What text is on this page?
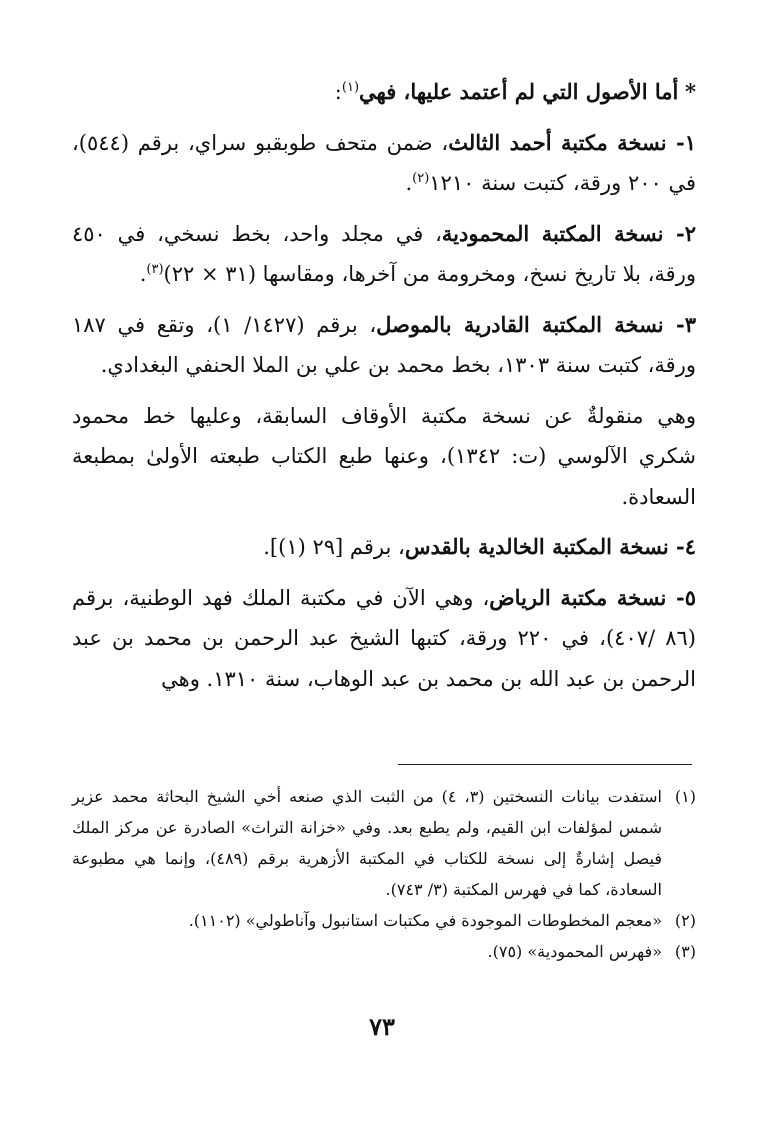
* أما الأصول التي لم أعتمد عليها، فهي$^{(١)}$:

١- نسخة مكتبة أحمد الثالث، ضمن متحف طوبقبو سراي، برقم (٥٤٤)، في ٢٠٠ ورقة، كتبت سنة ١٢١٠$^{(٢)}$.

٢- نسخة المكتبة المحمودية، في مجلد واحد، بخط نسخي، في ٤٥٠ ورقة، بلا تاريخ نسخ، ومخرومة من آخرها، ومقاسها (٣١ × ٢٢)$^{(٣)}$.

٣- نسخة المكتبة القادرية بالموصل، برقم (١٤٢٧/ ١)، وتقع في ١٨٧ ورقة، كتبت سنة ١٣٠٣، بخط محمد بن علي بن الملا الحنفي البغدادي.

وهي منقولةٌ عن نسخة مكتبة الأوقاف السابقة، وعليها خط محمود شكري الآلوسي (ت: ١٣٤٢)، وعنها طبع الكتاب طبعته الأولىٰ بمطبعة السعادة.

٤- نسخة المكتبة الخالدية بالقدس، برقم [٢٩ (١)].

٥- نسخة مكتبة الرياض، وهي الآن في مكتبة الملك فهد الوطنية، برقم (٨٦ /٤٠٧)، في ٢٢٠ ورقة، كتبها الشيخ عبد الرحمن بن محمد بن عبد الرحمن بن عبد الله بن محمد بن عبد الوهاب، سنة ١٣١٠. وهي

(١)
استفدت بيانات النسختين (٣، ٤) من الثبت الذي صنعه أخي الشيخ البحاثة محمد عزير شمس لمؤلفات ابن القيم، ولم يطبع بعد. وفي «خزانة التراث» الصادرة عن مركز الملك فيصل إشارةٌ إلى نسخة للكتاب في المكتبة الأزهرية برقم (٤٨٩)، وإنما هي مطبوعة السعادة، كما في فهرس المكتبة (٣/ ٧٤٣).
(٢)
«معجم المخطوطات الموجودة في مكتبات استانبول وآناطولي» (١١٠٢).
(٣)
«فهرس المحمودية» (٧٥).
٧٣
